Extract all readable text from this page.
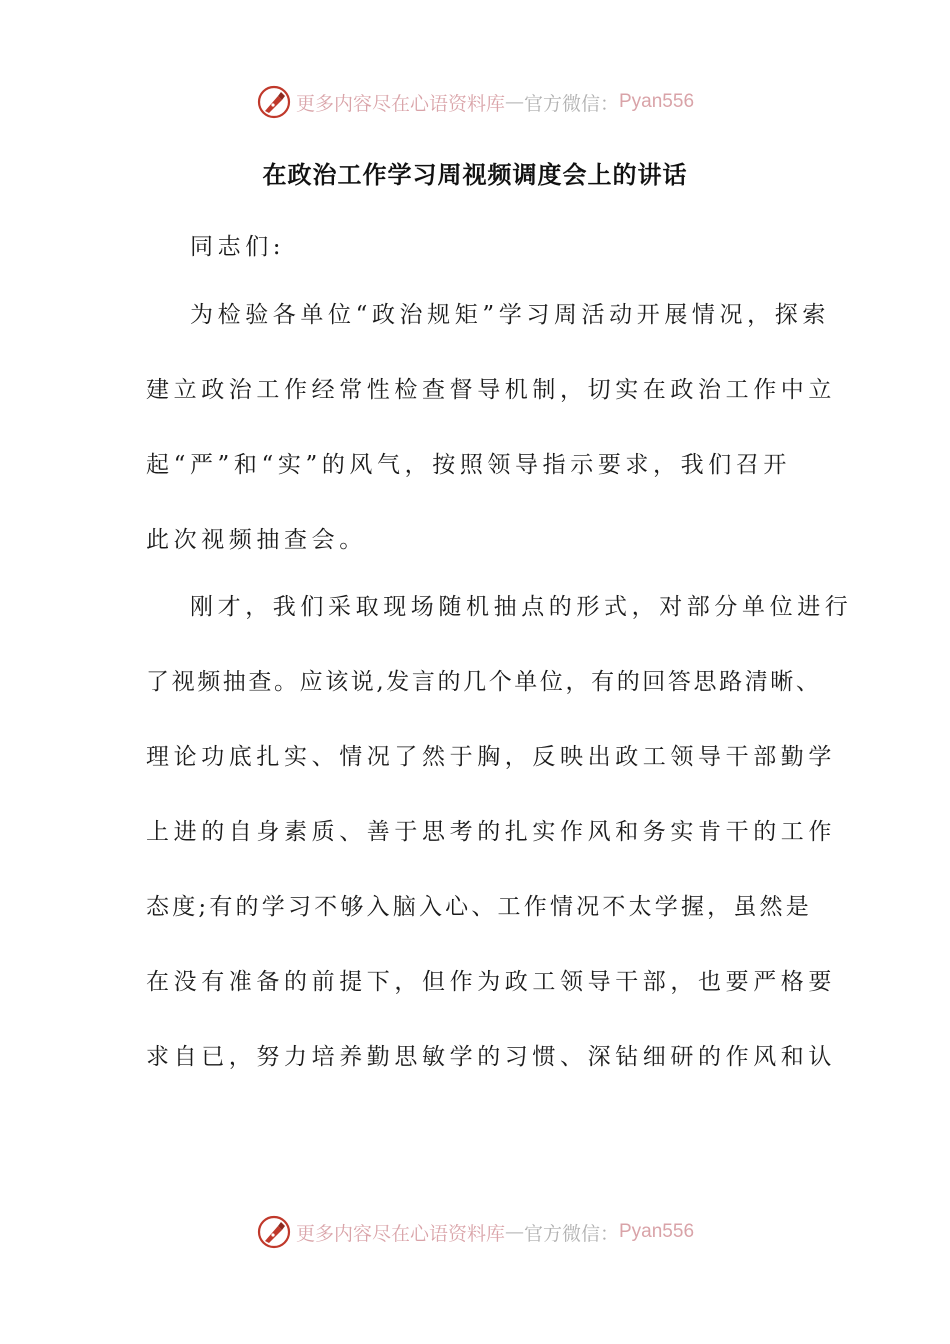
更多内容尽在心语资料库 — 官方微信： Pyan556
在政治工作学习周视频调度会上的讲话
同志们:
为检验各单位“政治规矩”学习周活动开展情况，探索
建立政治工作经常性检查督导机制，切实在政治工作中立
起“严”和“实”的风气，按照领导指示要求，我们召开
此次视频抽查会。
刚才，我们采取现场随机抽点的形式，对部分单位进行
了视频抽查。应该说,发言的几个单位，有的回答思路清晰、
理论功底扎实、情况了然于胸，反映出政工领导干部勤学
上进的自身素质、善于思考的扎实作风和务实肯干的工作
态度;有的学习不够入脑入心、工作情况不太学握，虽然是
在没有准备的前提下，但作为政工领导干部，也要严格要
求自已，努力培养勤思敏学的习惯、深钻细研的作风和认
更多内容尽在心语资料库 — 官方微信： Pyan556
